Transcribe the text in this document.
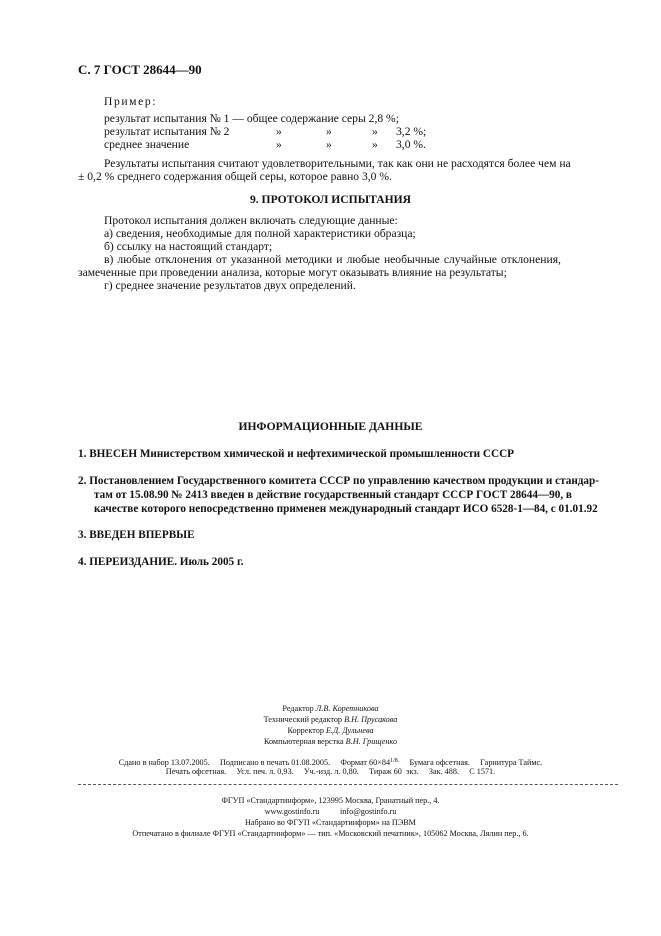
С. 7 ГОСТ 28644—90
Пример:
результат испытания № 1 — общее содержание серы 2,8 %;
результат испытания № 2	»	»	» 3,2 %;
среднее значение	»	»	» 3,0 %.
Результаты испытания считают удовлетворительными, так как они не расходятся более чем на
± 0,2 % среднего содержания общей серы, которое равно 3,0 %.
9. ПРОТОКОЛ ИСПЫТАНИЯ
Протокол испытания должен включать следующие данные:
а) сведения, необходимые для полной характеристики образца;
б) ссылку на настоящий стандарт;
в) любые отклонения от указанной методики и любые необычные случайные отклонения,
замеченные при проведении анализа, которые могут оказывать влияние на результаты;
г) среднее значение результатов двух определений.
ИНФОРМАЦИОННЫЕ ДАННЫЕ
1. ВНЕСЕН Министерством химической и нефтехимической промышленности СССР
2. Постановлением Государственного комитета СССР по управлению качеством продукции и стандар-
там от 15.08.90 № 2413 введен в действие государственный стандарт СССР ГОСТ 28644—90, в
качестве которого непосредственно применен международный стандарт ИСО 6528-1—84, с 01.01.92
3. ВВЕДЕН ВПЕРВЫЕ
4. ПЕРЕИЗДАНИЕ. Июль 2005 г.
Редактор Л.В. Коретникова
Технический редактор В.Н. Прусакова
Корректор Е.Д. Дульнева
Компьютерная верстка В.Н. Грищенко
Сдано в набор 13.07.2005.     Подписано в печать 01.08.2005.     Формат $60\times 84^{1/8.}$     Бумага офсетная.     Гарнитура Таймс.
Печать офсетная.     Усл. печ. л. 0,93.     Уч.-изд. л. 0,80.     Тираж 60  экз.     Зак. 488.     С 1571.
ФГУП «Стандартинформ», 123995 Москва, Гранатный пер., 4.
www.gostinfo.ru info@gostinfo.ru
Набрано во ФГУП «Стандартинформ» на ПЭВМ
Отпечатано в филиале ФГУП «Стандартинформ» — тип. «Московский печатник», 105062 Москва, Лялин пер., 6.
